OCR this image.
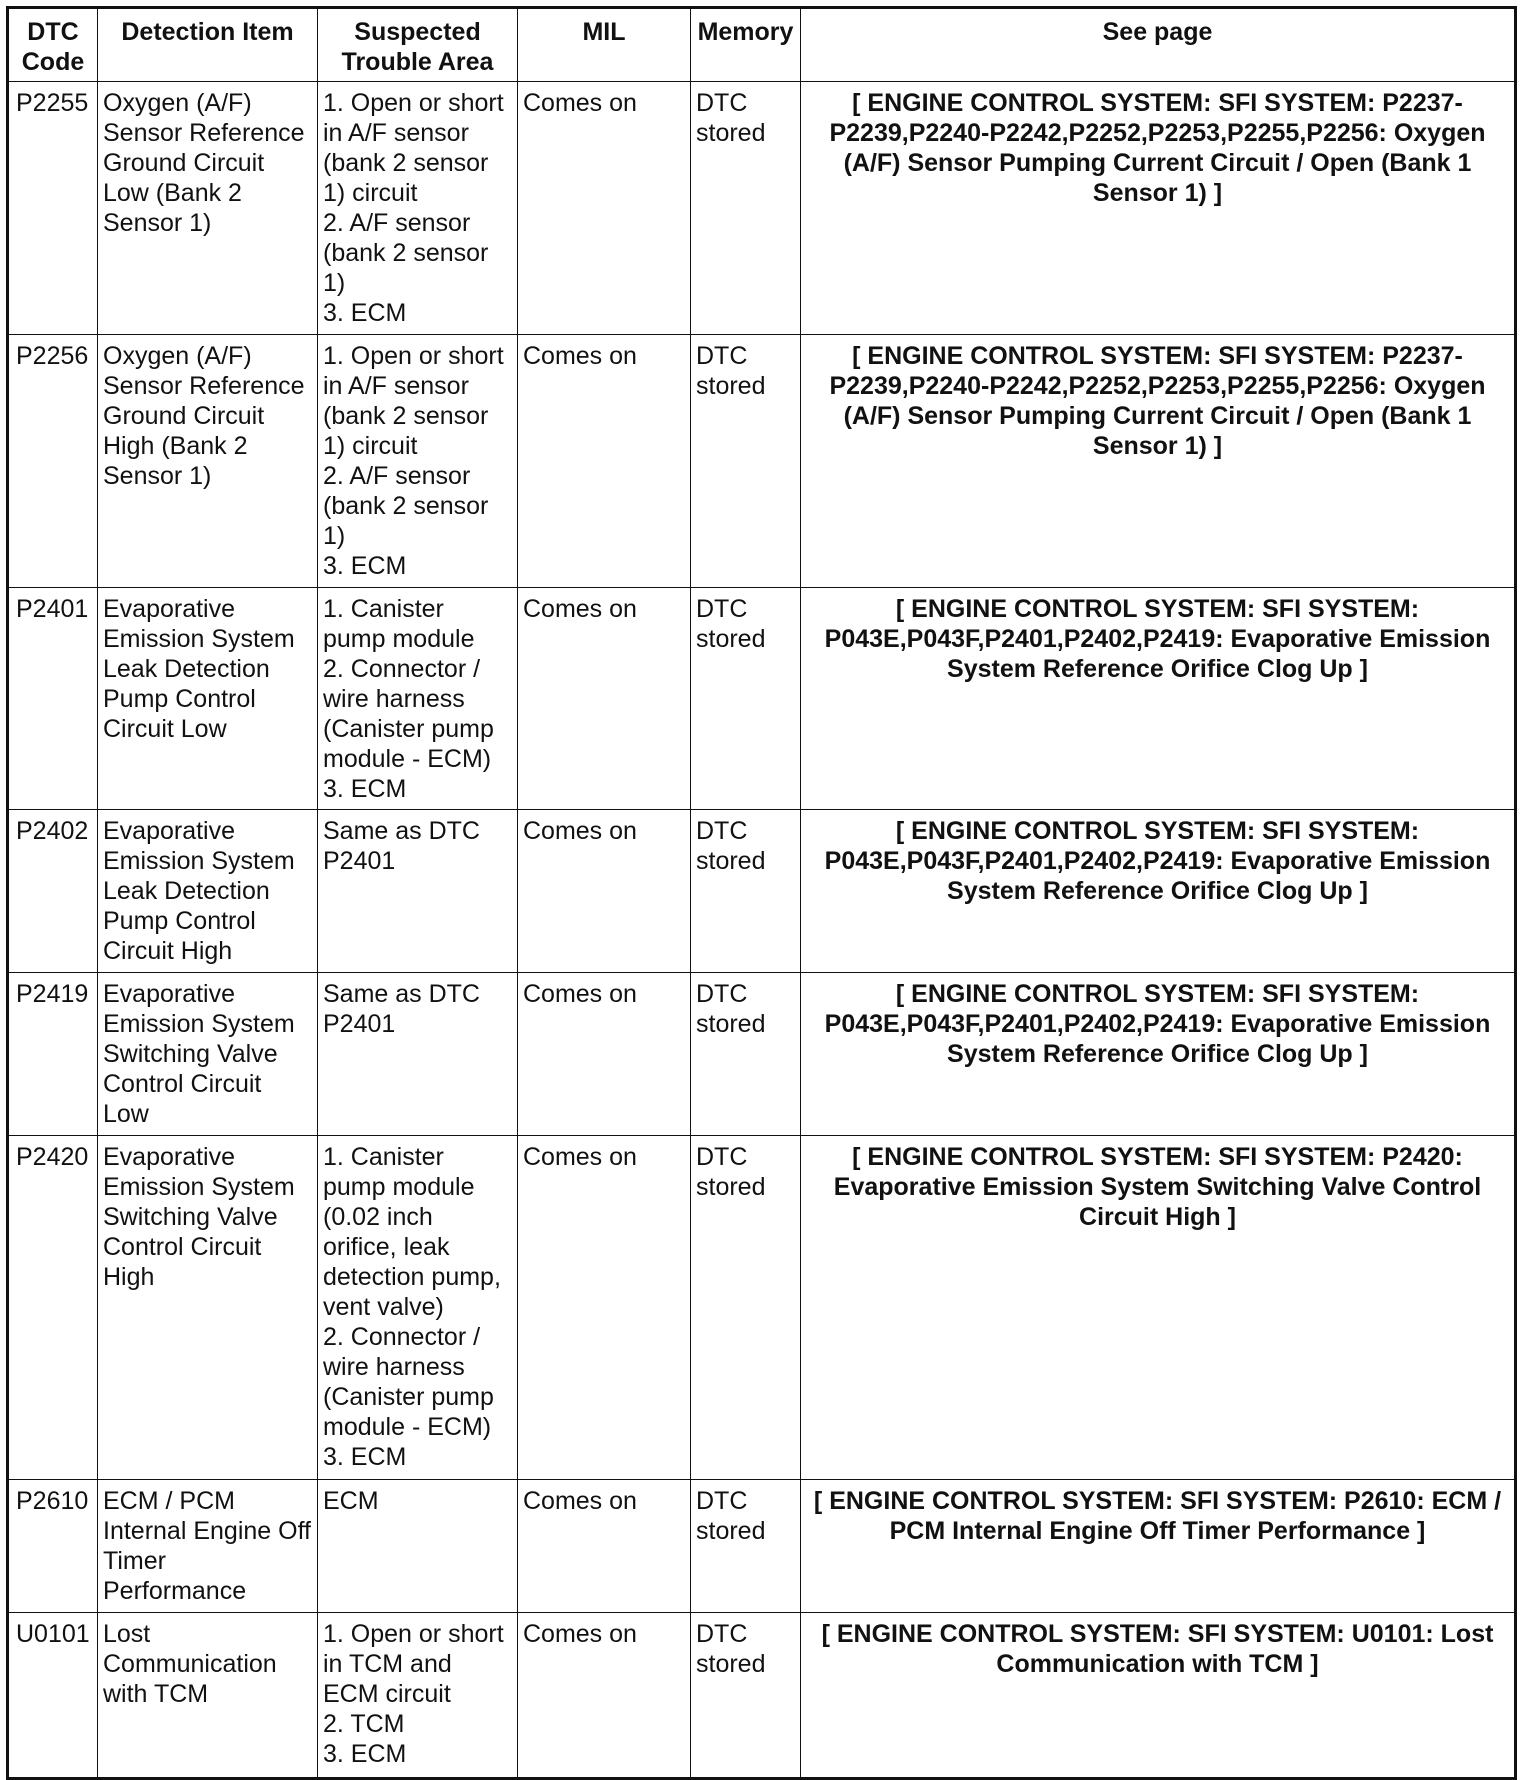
DTC Code	Detection Item	Suspected Trouble Area	MIL	Memory	See page
P2255	Oxygen (A/F) Sensor Reference Ground Circuit Low (Bank 2 Sensor 1)	1. Open or short in A/F sensor (bank 2 sensor 1) circuit
2. A/F sensor (bank 2 sensor 1)
3. ECM	Comes on	DTC stored	[ ENGINE CONTROL SYSTEM: SFI SYSTEM: P2237-P2239,P2240-P2242,P2252,P2253,P2255,P2256: Oxygen (A/F) Sensor Pumping Current Circuit / Open (Bank 1 Sensor 1) ]
P2256	Oxygen (A/F) Sensor Reference Ground Circuit High (Bank 2 Sensor 1)	1. Open or short in A/F sensor (bank 2 sensor 1) circuit
2. A/F sensor (bank 2 sensor 1)
3. ECM	Comes on	DTC stored	[ ENGINE CONTROL SYSTEM: SFI SYSTEM: P2237-P2239,P2240-P2242,P2252,P2253,P2255,P2256: Oxygen (A/F) Sensor Pumping Current Circuit / Open (Bank 1 Sensor 1) ]
P2401	Evaporative Emission System Leak Detection Pump Control Circuit Low	1. Canister pump module
2. Connector / wire harness (Canister pump module - ECM)
3. ECM	Comes on	DTC stored	[ ENGINE CONTROL SYSTEM: SFI SYSTEM: P043E,P043F,P2401,P2402,P2419: Evaporative Emission System Reference Orifice Clog Up ]
P2402	Evaporative Emission System Leak Detection Pump Control Circuit High	Same as DTC P2401	Comes on	DTC stored	[ ENGINE CONTROL SYSTEM: SFI SYSTEM: P043E,P043F,P2401,P2402,P2419: Evaporative Emission System Reference Orifice Clog Up ]
P2419	Evaporative Emission System Switching Valve Control Circuit Low	Same as DTC P2401	Comes on	DTC stored	[ ENGINE CONTROL SYSTEM: SFI SYSTEM: P043E,P043F,P2401,P2402,P2419: Evaporative Emission System Reference Orifice Clog Up ]
P2420	Evaporative Emission System Switching Valve Control Circuit High	1. Canister pump module (0.02 inch orifice, leak detection pump, vent valve)
2. Connector / wire harness (Canister pump module - ECM)
3. ECM	Comes on	DTC stored	[ ENGINE CONTROL SYSTEM: SFI SYSTEM: P2420: Evaporative Emission System Switching Valve Control Circuit High ]
P2610	ECM / PCM Internal Engine Off Timer Performance	ECM	Comes on	DTC stored	[ ENGINE CONTROL SYSTEM: SFI SYSTEM: P2610: ECM / PCM Internal Engine Off Timer Performance ]
U0101	Lost Communication with TCM	1. Open or short in TCM and ECM circuit
2. TCM
3. ECM	Comes on	DTC stored	[ ENGINE CONTROL SYSTEM: SFI SYSTEM: U0101: Lost Communication with TCM ]
